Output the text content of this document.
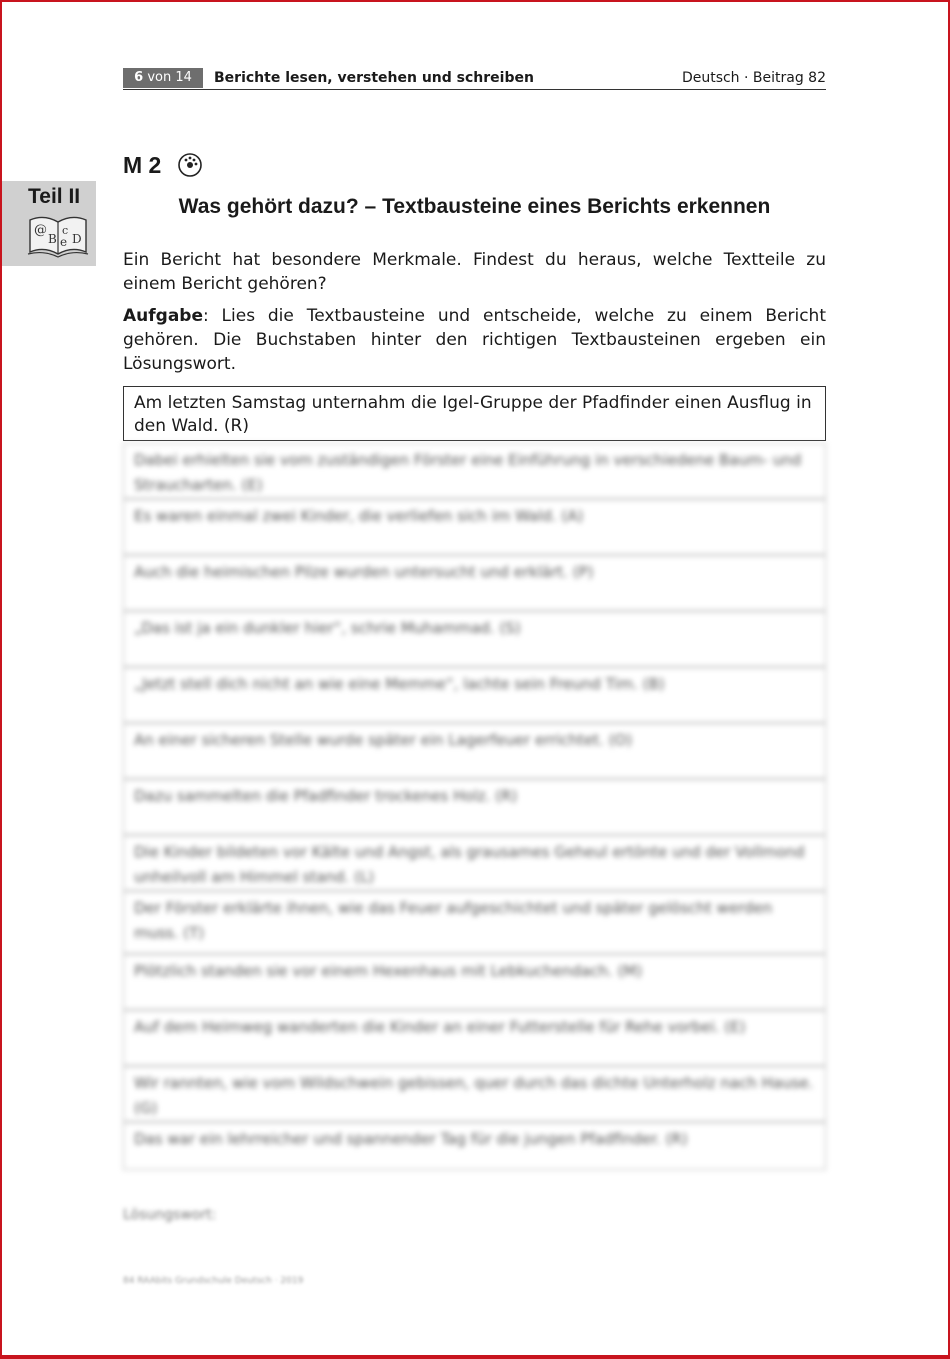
6 von 14	Berichte lesen, verstehen und schreiben	Deutsch · Beitrag 82
Teil II
@
B
c
e D
M 2
Was gehört dazu? – Textbausteine eines Berichts erkennen
Ein Bericht hat besondere Merkmale. Findest du heraus, welche Textteile zu einem Bericht gehören?
Aufgabe: Lies die Textbausteine und entscheide, welche zu einem Bericht gehören. Die Buchstaben hinter den richtigen Textbausteinen ergeben ein Lösungswort.
Am letzten Samstag unternahm die Igel-Gruppe der Pfadfinder einen Ausflug in den Wald. (R)
Dabei erhielten sie vom zuständigen Förster eine Einführung in verschiedene Baum- und Straucharten. (E)
Es waren einmal zwei Kinder, die verliefen sich im Wald. (A)
Auch die heimischen Pilze wurden untersucht und erklärt. (P)
„Das ist ja ein dunkler hier“, schrie Muhammad. (S)
„Jetzt stell dich nicht an wie eine Memme“, lachte sein Freund Tim. (B)
An einer sicheren Stelle wurde später ein Lagerfeuer errichtet. (O)
Dazu sammelten die Pfadfinder trockenes Holz. (R)
Die Kinder bildeten vor Kälte und Angst, als grausames Geheul ertönte und der Vollmond unheilvoll am Himmel stand. (L)
Der Förster erklärte ihnen, wie das Feuer aufgeschichtet und später gelöscht werden muss. (T)
Plötzlich standen sie vor einem Hexenhaus mit Lebkuchendach. (M)
Auf dem Heimweg wanderten die Kinder an einer Futterstelle für Rehe vorbei. (E)
Wir rannten, wie vom Wildschwein gebissen, quer durch das dichte Unterholz nach Hause. (G)
Das war ein lehrreicher und spannender Tag für die jungen Pfadfinder. (R)
Lösungswort:
84 RAAbits Grundschule Deutsch · 2019
